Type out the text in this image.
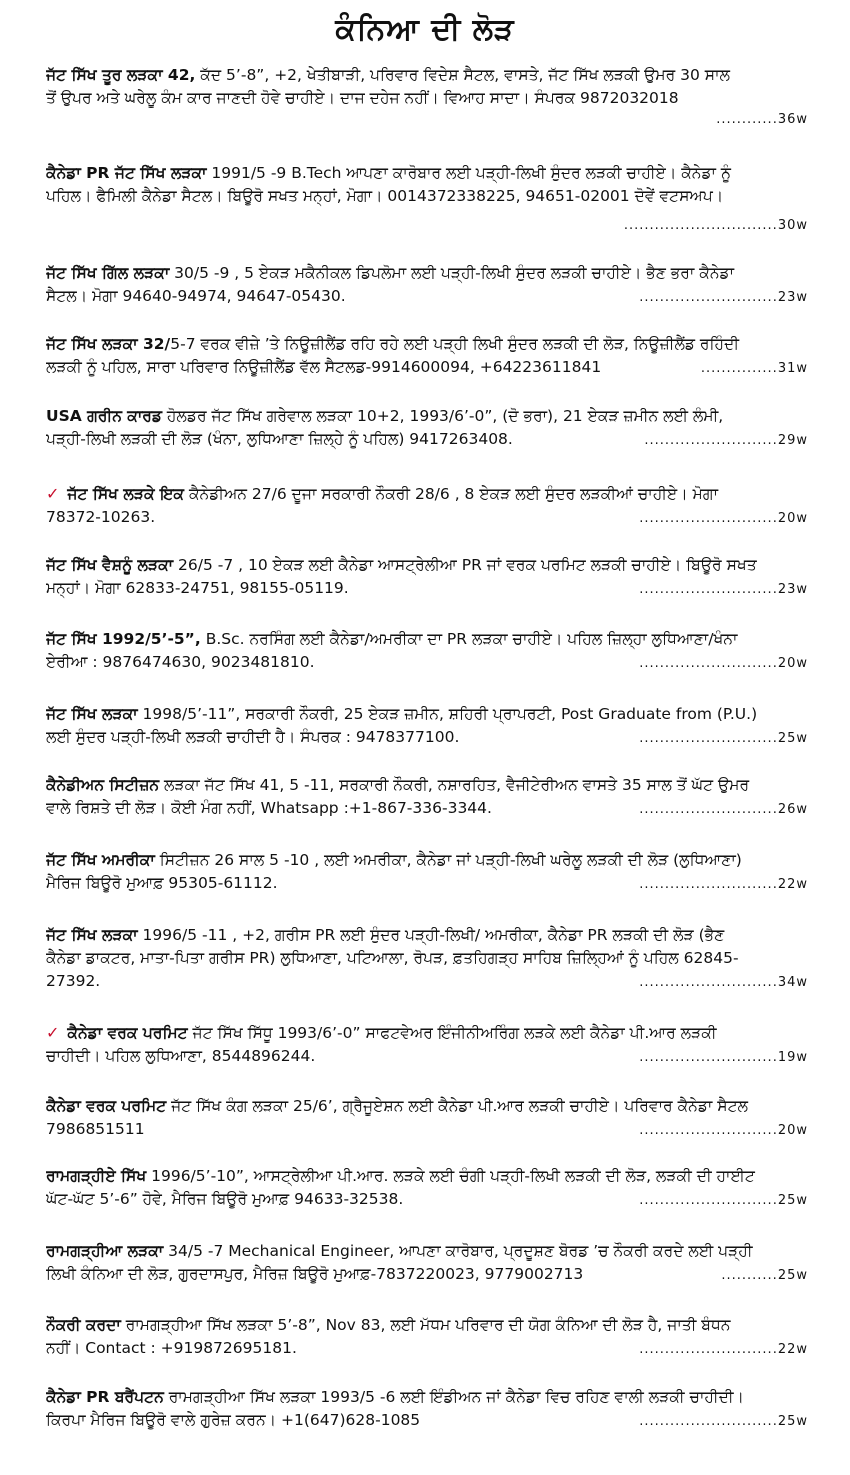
ਕੰਨਿਆ ਦੀ ਲੋੜ
ਜੱਟ ਸਿੱਖ ਤੂਰ ਲੜਕਾ 42, ਕੱਦ 5’-8”, +2, ਖੇਤੀਬਾੜੀ, ਪਰਿਵਾਰ ਵਿਦੇਸ਼ ਸੈਟਲ, ਵਾਸਤੇ, ਜੱਟ ਸਿੱਖ ਲੜਕੀ ਉਮਰ 30 ਸਾਲ
ਤੋਂ ਉਪਰ ਅਤੇ ਘਰੇਲੂ ਕੰਮ ਕਾਰ ਜਾਣਦੀ ਹੋਵੇ ਚਾਹੀਏ। ਦਾਜ ਦਹੇਜ ਨਹੀਂ। ਵਿਆਹ ਸਾਦਾ। ਸੰਪਰਕ 9872032018
............36w
ਕੈਨੇਡਾ PR ਜੱਟ ਸਿੱਖ ਲੜਕਾ 1991/5 -9 B.Tech ਆਪਣਾ ਕਾਰੋਬਾਰ ਲਈ ਪੜ੍ਹੀ-ਲਿਖੀ ਸੁੰਦਰ ਲੜਕੀ ਚਾਹੀਏ। ਕੈਨੇਡਾ ਨੂੰ
ਪਹਿਲ। ਫੈਮਿਲੀ ਕੈਨੇਡਾ ਸੈਟਲ। ਬਿਊਰੋ ਸਖਤ ਮਨ੍ਹਾਂ, ਮੋਗਾ। 0014372338225, 94651-02001 ਦੋਵੇਂ ਵਟਸਅਪ।
..............................30w
ਜੱਟ ਸਿੱਖ ਗਿੱਲ ਲੜਕਾ 30/5 -9 , 5 ਏਕੜ ਮਕੈਨੀਕਲ ਡਿਪਲੋਮਾ ਲਈ ਪੜ੍ਹੀ-ਲਿਖੀ ਸੁੰਦਰ ਲੜਕੀ ਚਾਹੀਏ। ਭੈਣ ਭਰਾ ਕੈਨੇਡਾ
ਸੈਟਲ। ਮੋਗਾ 94640-94974, 94647-05430.	...........................23w
ਜੱਟ ਸਿੱਖ ਲੜਕਾ 32/5-7 ਵਰਕ ਵੀਜ਼ੇ ’ਤੇ ਨਿਊਜ਼ੀਲੈਂਡ ਰਹਿ ਰਹੇ ਲਈ ਪੜ੍ਹੀ ਲਿਖੀ ਸੁੰਦਰ ਲੜਕੀ ਦੀ ਲੋੜ, ਨਿਊਜ਼ੀਲੈਂਡ ਰਹਿੰਦੀ
ਲੜਕੀ ਨੂੰ ਪਹਿਲ, ਸਾਰਾ ਪਰਿਵਾਰ ਨਿਊਜ਼ੀਲੈਂਡ ਵੱਲ ਸੈਟਲਡ-9914600094, +64223611841	...............31w
USA ਗਰੀਨ ਕਾਰਡ ਹੋਲਡਰ ਜੱਟ ਸਿੱਖ ਗਰੇਵਾਲ ਲੜਕਾ 10+2, 1993/6’-0”, (ਦੋ ਭਰਾ), 21 ਏਕੜ ਜ਼ਮੀਨ ਲਈ ਲੰਮੀ,
ਪੜ੍ਹੀ-ਲਿਖੀ ਲੜਕੀ ਦੀ ਲੋੜ (ਖੰਨਾ, ਲੁਧਿਆਣਾ ਜ਼ਿਲ੍ਹੇ ਨੂੰ ਪਹਿਲ) 9417263408.	..........................29w
✓ ਜੱਟ ਸਿੱਖ ਲੜਕੇ ਇਕ ਕੈਨੇਡੀਅਨ 27/6 ਦੂਜਾ ਸਰਕਾਰੀ ਨੌਕਰੀ 28/6 , 8 ਏਕੜ ਲਈ ਸੁੰਦਰ ਲੜਕੀਆਂ ਚਾਹੀਏ। ਮੋਗਾ
78372-10263.	...........................20w
ਜੱਟ ਸਿੱਖ ਵੈਸ਼ਨੂੰ ਲੜਕਾ 26/5 -7 , 10 ਏਕੜ ਲਈ ਕੈਨੇਡਾ ਆਸਟ੍ਰੇਲੀਆ PR ਜਾਂ ਵਰਕ ਪਰਮਿਟ ਲੜਕੀ ਚਾਹੀਏ। ਬਿਊਰੋ ਸਖਤ
ਮਨ੍ਹਾਂ। ਮੋਗਾ 62833-24751, 98155-05119.	...........................23w
ਜੱਟ ਸਿੱਖ 1992/5’-5”, B.Sc. ਨਰਸਿੰਗ ਲਈ ਕੈਨੇਡਾ/ਅਮਰੀਕਾ ਦਾ PR ਲੜਕਾ ਚਾਹੀਏ। ਪਹਿਲ ਜ਼ਿਲ੍ਹਾ ਲੁਧਿਆਣਾ/ਖੰਨਾ
ਏਰੀਆ : 9876474630, 9023481810.	...........................20w
ਜੱਟ ਸਿੱਖ ਲੜਕਾ 1998/5’-11”, ਸਰਕਾਰੀ ਨੌਕਰੀ, 25 ਏਕੜ ਜ਼ਮੀਨ, ਸ਼ਹਿਰੀ ਪ੍ਰਾਪਰਟੀ, Post Graduate from (P.U.)
ਲਈ ਸੁੰਦਰ ਪੜ੍ਹੀ-ਲਿਖੀ ਲੜਕੀ ਚਾਹੀਦੀ ਹੈ। ਸੰਪਰਕ : 9478377100.	...........................25w
ਕੈਨੇਡੀਅਨ ਸਿਟੀਜ਼ਨ ਲੜਕਾ ਜੱਟ ਸਿੱਖ 41, 5 -11, ਸਰਕਾਰੀ ਨੌਕਰੀ, ਨਸ਼ਾਰਹਿਤ, ਵੈਜੀਟੇਰੀਅਨ ਵਾਸਤੇ 35 ਸਾਲ ਤੋਂ ਘੱਟ ਉਮਰ
ਵਾਲੇ ਰਿਸ਼ਤੇ ਦੀ ਲੋੜ। ਕੋਈ ਮੰਗ ਨਹੀਂ, Whatsapp :+1-867-336-3344.	...........................26w
ਜੱਟ ਸਿੱਖ ਅਮਰੀਕਾ ਸਿਟੀਜ਼ਨ 26 ਸਾਲ 5 -10 , ਲਈ ਅਮਰੀਕਾ, ਕੈਨੇਡਾ ਜਾਂ ਪੜ੍ਹੀ-ਲਿਖੀ ਘਰੇਲੂ ਲੜਕੀ ਦੀ ਲੋੜ (ਲੁਧਿਆਣਾ)
ਮੈਰਿਜ ਬਿਊਰੋ ਮੁਆਫ਼ 95305-61112.	...........................22w
ਜੱਟ ਸਿੱਖ ਲੜਕਾ 1996/5 -11 , +2, ਗਰੀਸ PR ਲਈ ਸੁੰਦਰ ਪੜ੍ਹੀ-ਲਿਖੀ/ ਅਮਰੀਕਾ, ਕੈਨੇਡਾ PR ਲੜਕੀ ਦੀ ਲੋੜ (ਭੈਣ
ਕੈਨੇਡਾ ਡਾਕਟਰ, ਮਾਤਾ-ਪਿਤਾ ਗਰੀਸ PR) ਲੁਧਿਆਣਾ, ਪਟਿਆਲਾ, ਰੋਪੜ, ਫ਼ਤਹਿਗੜ੍ਹ ਸਾਹਿਬ ਜ਼ਿਲ੍ਹਿਆਂ ਨੂੰ ਪਹਿਲ 62845-
27392.	...........................34w
✓ ਕੈਨੇਡਾ ਵਰਕ ਪਰਮਿਟ ਜੱਟ ਸਿੱਖ ਸਿੱਧੂ 1993/6’-0” ਸਾਫਟਵੇਅਰ ਇੰਜੀਨੀਅਰਿੰਗ ਲੜਕੇ ਲਈ ਕੈਨੇਡਾ ਪੀ.ਆਰ ਲੜਕੀ
ਚਾਹੀਦੀ। ਪਹਿਲ ਲੁਧਿਆਣਾ, 8544896244.	...........................19w
ਕੈਨੇਡਾ ਵਰਕ ਪਰਮਿਟ ਜੱਟ ਸਿੱਖ ਕੰਗ ਲੜਕਾ 25/6’, ਗ੍ਰੈਜੂਏਸ਼ਨ ਲਈ ਕੈਨੇਡਾ ਪੀ.ਆਰ ਲੜਕੀ ਚਾਹੀਏ। ਪਰਿਵਾਰ ਕੈਨੇਡਾ ਸੈਟਲ
7986851511	...........................20w
ਰਾਮਗੜ੍ਹੀਏ ਸਿੱਖ 1996/5’-10”, ਆਸਟ੍ਰੇਲੀਆ ਪੀ.ਆਰ. ਲੜਕੇ ਲਈ ਚੰਗੀ ਪੜ੍ਹੀ-ਲਿਖੀ ਲੜਕੀ ਦੀ ਲੋੜ, ਲੜਕੀ ਦੀ ਹਾਈਟ
ਘੱਟ-ਘੱਟ 5’-6” ਹੋਵੇ, ਮੈਰਿਜ ਬਿਊਰੋ ਮੁਆਫ਼ 94633-32538.	...........................25w
ਰਾਮਗੜ੍ਹੀਆ ਲੜਕਾ 34/5 -7 Mechanical Engineer, ਆਪਣਾ ਕਾਰੋਬਾਰ, ਪ੍ਰਦੂਸ਼ਣ ਬੋਰਡ ’ਚ ਨੌਕਰੀ ਕਰਦੇ ਲਈ ਪੜ੍ਹੀ
ਲਿਖੀ ਕੰਨਿਆ ਦੀ ਲੋੜ, ਗੁਰਦਾਸਪੁਰ, ਮੈਰਿਜ਼ ਬਿਊਰੋ ਮੁਆਫ਼-7837220023, 9779002713	...........25w
ਨੌਕਰੀ ਕਰਦਾ ਰਾਮਗੜ੍ਹੀਆ ਸਿੱਖ ਲੜਕਾ 5’-8”, Nov 83, ਲਈ ਮੱਧਮ ਪਰਿਵਾਰ ਦੀ ਯੋਗ ਕੰਨਿਆ ਦੀ ਲੋੜ ਹੈ, ਜਾਤੀ ਬੰਧਨ
ਨਹੀਂ। Contact : +919872695181.	...........................22w
ਕੈਨੇਡਾ PR ਬਰੈਂਪਟਨ ਰਾਮਗੜ੍ਹੀਆ ਸਿੱਖ ਲੜਕਾ 1993/5 -6 ਲਈ ਇੰਡੀਅਨ ਜਾਂ ਕੈਨੇਡਾ ਵਿਚ ਰਹਿਣ ਵਾਲੀ ਲੜਕੀ ਚਾਹੀਦੀ।
ਕਿਰਪਾ ਮੈਰਿਜ ਬਿਊਰੋ ਵਾਲੇ ਗੁਰੇਜ਼ ਕਰਨ। +1(647)628-1085	...........................25w
